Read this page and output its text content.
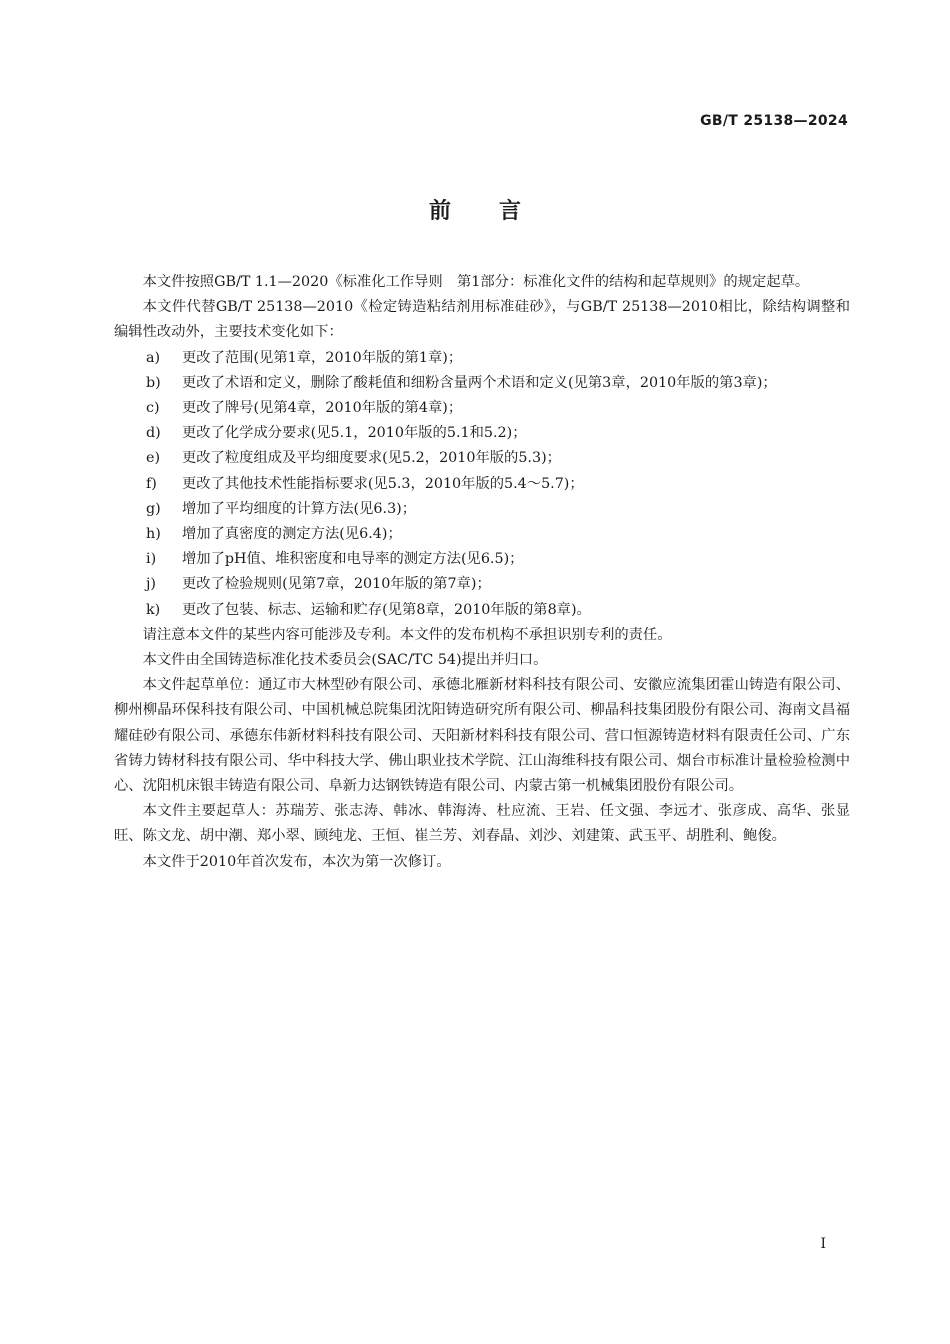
GB/T 25138—2024
前言

本文件按照GB/T 1.1—2020《标准化工作导则　第1部分：标准化文件的结构和起草规则》的规定起草。

本文件代替GB/T 25138—2010《检定铸造粘结剂用标准硅砂》，与GB/T 25138—2010相比，除结构调整和编辑性改动外，主要技术变化如下：

a)	更改了范围(见第1章，2010年版的第1章)；
b)	更改了术语和定义，删除了酸耗值和细粉含量两个术语和定义(见第3章，2010年版的第3章)；
c)	更改了牌号(见第4章，2010年版的第4章)；
d)	更改了化学成分要求(见5.1，2010年版的5.1和5.2)；
e)	更改了粒度组成及平均细度要求(见5.2，2010年版的5.3)；
f)	更改了其他技术性能指标要求(见5.3，2010年版的5.4～5.7)；
g)	增加了平均细度的计算方法(见6.3)；
h)	增加了真密度的测定方法(见6.4)；
i)	增加了pH值、堆积密度和电导率的测定方法(见6.5)；
j)	更改了检验规则(见第7章，2010年版的第7章)；
k)	更改了包装、标志、运输和贮存(见第8章，2010年版的第8章)。

请注意本文件的某些内容可能涉及专利。本文件的发布机构不承担识别专利的责任。

本文件由全国铸造标准化技术委员会(SAC/TC 54)提出并归口。

本文件起草单位：通辽市大林型砂有限公司、承德北雁新材料科技有限公司、安徽应流集团霍山铸造有限公司、柳州柳晶环保科技有限公司、中国机械总院集团沈阳铸造研究所有限公司、柳晶科技集团股份有限公司、海南文昌福耀硅砂有限公司、承德东伟新材料科技有限公司、天阳新材料科技有限公司、营口恒源铸造材料有限责任公司、广东省铸力铸材科技有限公司、华中科技大学、佛山职业技术学院、江山海维科技有限公司、烟台市标准计量检验检测中心、沈阳机床银丰铸造有限公司、阜新力达钢铁铸造有限公司、内蒙古第一机械集团股份有限公司。

本文件主要起草人：苏瑞芳、张志涛、韩冰、韩海涛、杜应流、王岩、任文强、李远才、张彦成、高华、张显旺、陈文龙、胡中潮、郑小翠、顾纯龙、王恒、崔兰芳、刘春晶、刘沙、刘建策、武玉平、胡胜利、鲍俊。

本文件于2010年首次发布，本次为第一次修订。

I
